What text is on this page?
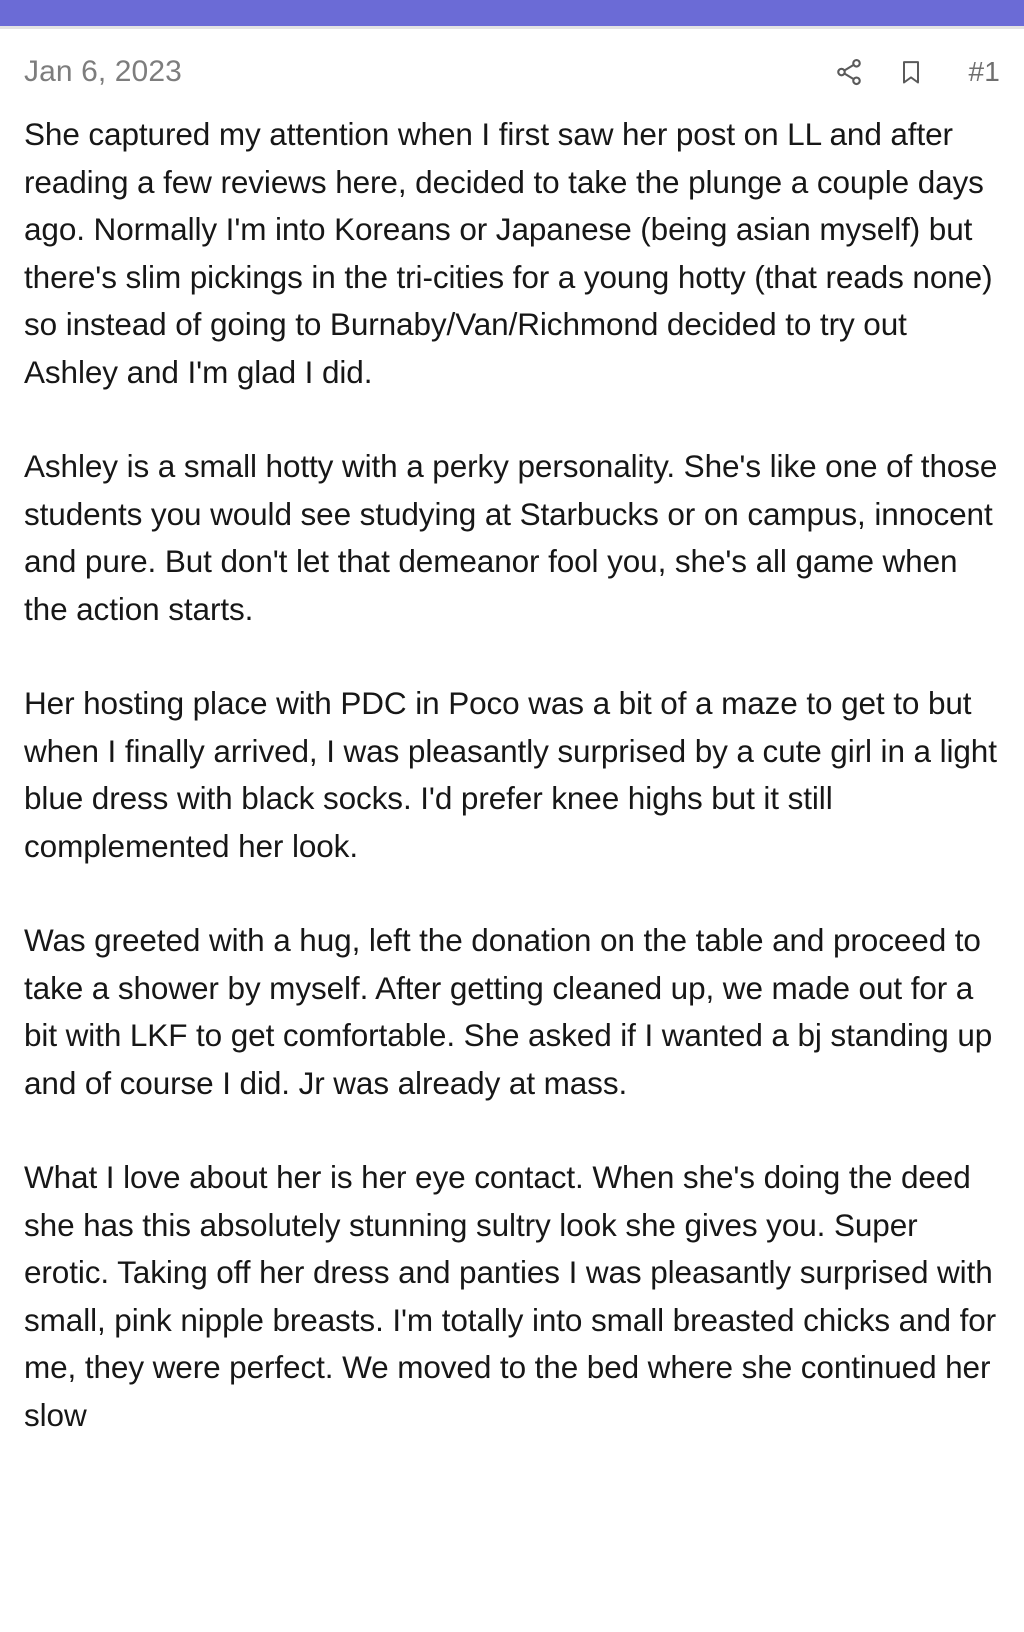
Jan 6, 2023	#1

She captured my attention when I first saw her post on LL and after reading a few reviews here, decided to take the plunge a couple days ago. Normally I'm into Koreans or Japanese (being asian myself) but there's slim pickings in the tri-cities for a young hotty (that reads none) so instead of going to Burnaby/Van/Richmond decided to try out Ashley and I'm glad I did.

Ashley is a small hotty with a perky personality. She's like one of those students you would see studying at Starbucks or on campus, innocent and pure. But don't let that demeanor fool you, she's all game when the action starts.

Her hosting place with PDC in Poco was a bit of a maze to get to but when I finally arrived, I was pleasantly surprised by a cute girl in a light blue dress with black socks. I'd prefer knee highs but it still complemented her look.

Was greeted with a hug, left the donation on the table and proceed to take a shower by myself. After getting cleaned up, we made out for a bit with LKF to get comfortable. She asked if I wanted a bj standing up and of course I did. Jr was already at mass.

What I love about her is her eye contact. When she's doing the deed she has this absolutely stunning sultry look she gives you. Super erotic. Taking off her dress and panties I was pleasantly surprised with small, pink nipple breasts. I'm totally into small breasted chicks and for me, they were perfect. We moved to the bed where she continued her slow
